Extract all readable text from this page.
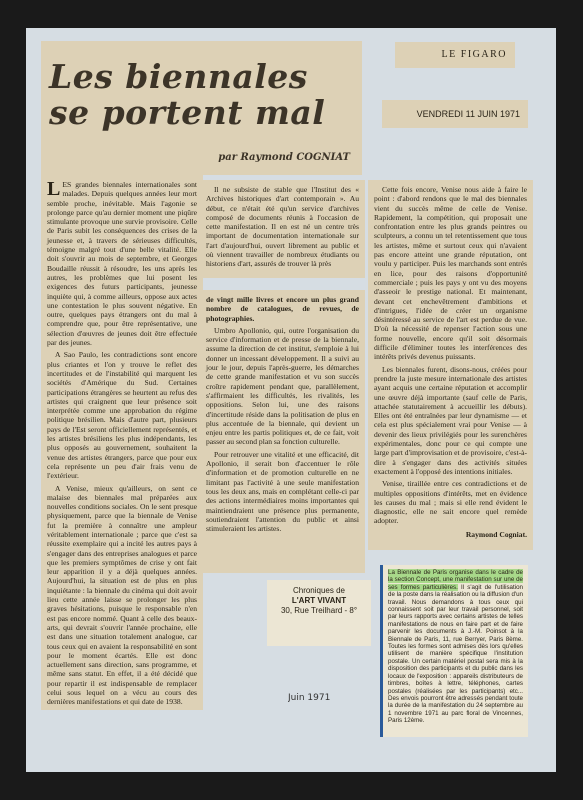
Les biennales
se portent mal
par Raymond COGNIAT
LE FIGARO
VENDREDI 11 JUIN 1971

LES grandes biennales internationales sont malades. Depuis quelques années leur mort semble proche, inévitable. Mais l'agonie se prolonge parce qu'au dernier moment une piqûre stimulante provoque une survie provisoire. Celle de Paris subit les conséquences des crises de la jeunesse et, à travers de sérieuses difficultés, témoigne malgré tout d'une belle vitalité. Elle doit s'ouvrir au mois de septembre, et Georges Boudaille réussit à résoudre, les uns après les autres, les problèmes que lui posent les exigences des futurs participants, jeunesse inquiète qui, à comme ailleurs, oppose aux actes une contestation le plus souvent négative. En outre, quelques pays étrangers ont du mal à comprendre que, pour être représentative, une sélection d'œuvres de jeunes doit être effectuée par des jeunes.

A Sao Paulo, les contradictions sont encore plus criantes et l'on y trouve le reflet des incertitudes et de l'instabilité qui marquent les sociétés d'Amérique du Sud. Certaines participations étrangères se heurtent au refus des artistes qui craignent que leur présence soit interprétée comme une approbation du régime politique brésilien. Mais d'autre part, plusieurs pays de l'Est seront officiellement représentés, et les artistes brésiliens les plus indépendants, les plus opposés au gouvernement, souhaitent la venue des artistes étrangers, parce que pour eux cela représente un peu d'air frais venu de l'extérieur.

A Venise, mieux qu'ailleurs, on sent ce malaise des biennales mal préparées aux nouvelles conditions sociales. On le sent presque physiquement, parce que la biennale de Venise fut la première à connaître une ampleur véritablement internationale ; parce que c'est sa réussite exemplaire qui a incité les autres pays à s'engager dans des entreprises analogues et parce que les premiers symptômes de crise y ont fait leur apparition il y a déjà quelques années. Aujourd'hui, la situation est de plus en plus inquiétante : la biennale du cinéma qui doit avoir lieu cette année laisse se prolonger les plus graves hésitations, puisque le responsable n'en est pas encore nommé. Quant à celle des beaux-arts, qui devrait s'ouvrir l'année prochaine, elle est dans une situation totalement analogue, car tous ceux qui en avaient la responsabilité en sont pour le moment écartés. Elle est donc actuellement sans direction, sans programme, et même sans statut. En effet, il a été décidé que pour repartir il est indispensable de remplacer celui sous lequel on a vécu au cours des dernières manifestations et qui date de 1938.

Il ne subsiste de stable que l'Institut des « Archives historiques d'art contemporain ». Au début, ce n'était été qu'un service d'archives composé de documents réunis à l'occasion de cette manifestation. Il en est né un centre très important de documentation internationale sur l'art d'aujourd'hui, ouvert librement au public et où viennent travailler de nombreux étudiants ou historiens d'art, assurés de trouver là près

de vingt mille livres et encore un plus grand nombre de catalogues, de revues, de photographies.

Umbro Apollonio, qui, outre l'organisation du service d'information et de presse de la biennale, assume la direction de cet institut, s'emploie à lui donner un incessant développement. Il a suivi au jour le jour, depuis l'après-guerre, les démarches de cette grande manifestation et vu son succès croître rapidement pendant que, parallèlement, s'affirmaient les difficultés, les rivalités, les oppositions. Selon lui, une des raisons d'incertitude réside dans la politisation de plus en plus accentuée de la biennale, qui devient un enjeu entre les partis politiques et, de ce fait, voit passer au second plan sa fonction culturelle.

Pour retrouver une vitalité et une efficacité, dit Apollonio, il serait bon d'accentuer le rôle d'information et de promotion culturelle en ne limitant pas l'activité à une seule manifestation tous les deux ans, mais en complétant celle-ci par des actions intermédiaires moins importantes qui maintiendraient une présence plus permanente, soutiendraient l'attention du public et ainsi stimuleraient les artistes.

Cette fois encore, Venise nous aide à faire le point : d'abord rendons que le mal des biennales vient du succès même de celle de Venise. Rapidement, la compétition, qui proposait une confrontation entre les plus grands peintres ou sculpteurs, a connu un tel retentissement que tous les artistes, même et surtout ceux qui n'avaient pas encore atteint une grande réputation, ont voulu y participer. Puis les marchands sont entrés en lice, pour des raisons d'opportunité commerciale ; puis les pays y ont vu des moyens d'asseoir le prestige national. Et maintenant, devant cet enchevêtrement d'ambitions et d'intrigues, l'idée de créer un organisme désintéressé au service de l'art est perdue de vue. D'où la nécessité de repenser l'action sous une forme nouvelle, encore qu'il soit désormais difficile d'éliminer toutes les interférences des intérêts privés devenus puissants.

Les biennales furent, disons-nous, créées pour prendre la juste mesure internationale des artistes ayant acquis une certaine réputation et accomplir une œuvre déjà importante (sauf celle de Paris, attachée statutairement à accueillir les débuts). Elles ont été entraînées par leur dynamisme — et cela est plus spécialement vrai pour Venise — à devenir des lieux privilégiés pour les surenchères expérimentales, donc pour ce qui compte une large part d'improvisation et de provisoire, c'est-à-dire à s'engager dans des activités situées exactement à l'opposé des intentions initiales.

Venise, tiraillée entre ces contradictions et de multiples oppositions d'intérêts, met en évidence les causes du mal ; mais si elle rend évident le diagnostic, elle ne sait encore quel remède adopter.

Raymond Cogniat.
Chroniques de
L'ART VIVANT
30, Rue Treilhard - 8°
Juin 1971
La Biennale de Paris organise dans le cadre de la section Concept, une manifestation sur une de ses formes particulières. Il s'agit de l'utilisation de la poste dans la réalisation ou la diffusion d'un travail. Nous demandons à tous ceux qui connaissent soit par leur travail personnel, soit par leurs rapports avec certains artistes de telles manifestations de nous en faire part et de faire parvenir les documents à J.-M. Poinsot à la Biennale de Paris, 11, rue Berryer, Paris 8ème. Toutes les formes sont admises dès lors qu'elles utilisent de manière spécifique l'institution postale. Un certain matériel postal sera mis à la disposition des participants et du public dans les locaux de l'exposition : appareils distributeurs de timbres, boîtes à lettre, téléphones, cartes postales (réalisées par les participants) etc... Des envois pourront être adressés pendant toute la durée de la manifestation du 24 septembre au 1 novembre 1971 au parc floral de Vincennes, Paris 12ème.
